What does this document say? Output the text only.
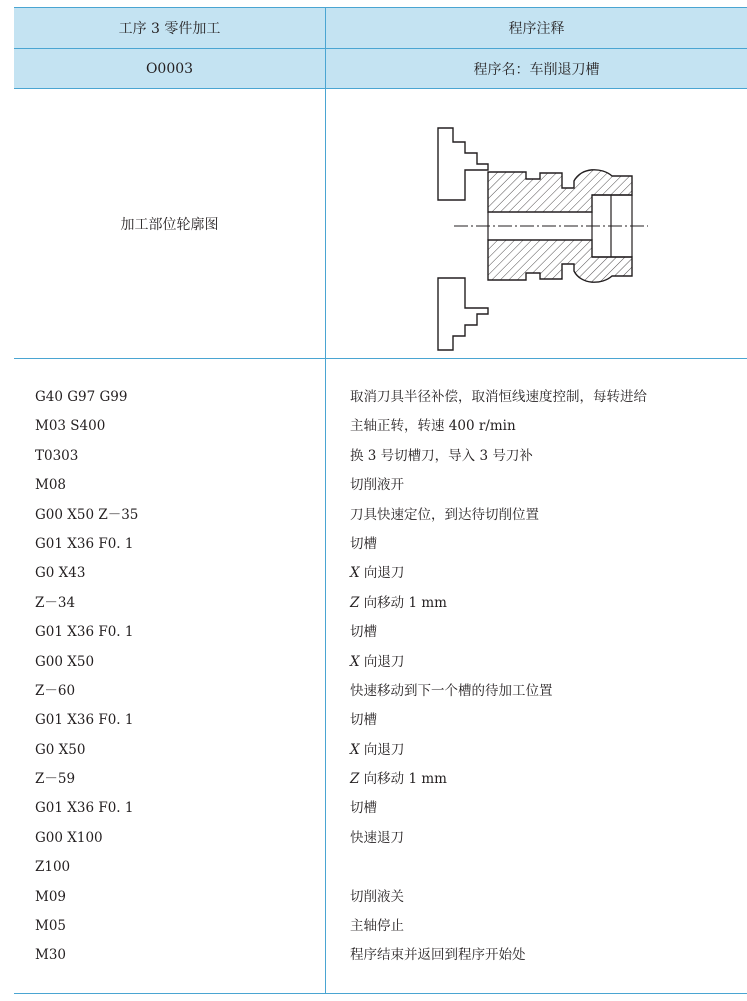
工序 3 零件加工	程序注释
O0003	程序名：车削退刀槽
加工部位轮廓图
G40 G97 G99
M03 S400
T0303
M08
G00 X50 Z－35
G01 X36 F0. 1
G0 X43
Z－34
G01 X36 F0. 1
G00 X50
Z－60
G01 X36 F0. 1
G0 X50
Z－59
G01 X36 F0. 1
G00 X100
Z100
M09
M05
M30
取消刀具半径补偿，取消恒线速度控制，每转进给
主轴正转，转速 400 r/min
换 3 号切槽刀，导入 3 号刀补
切削液开
刀具快速定位，到达待切削位置
切槽
X 向退刀
Z 向移动 1 mm
切槽
X 向退刀
快速移动到下一个槽的待加工位置
切槽
X 向退刀
Z 向移动 1 mm
切槽
快速退刀
切削液关
主轴停止
程序结束并返回到程序开始处
